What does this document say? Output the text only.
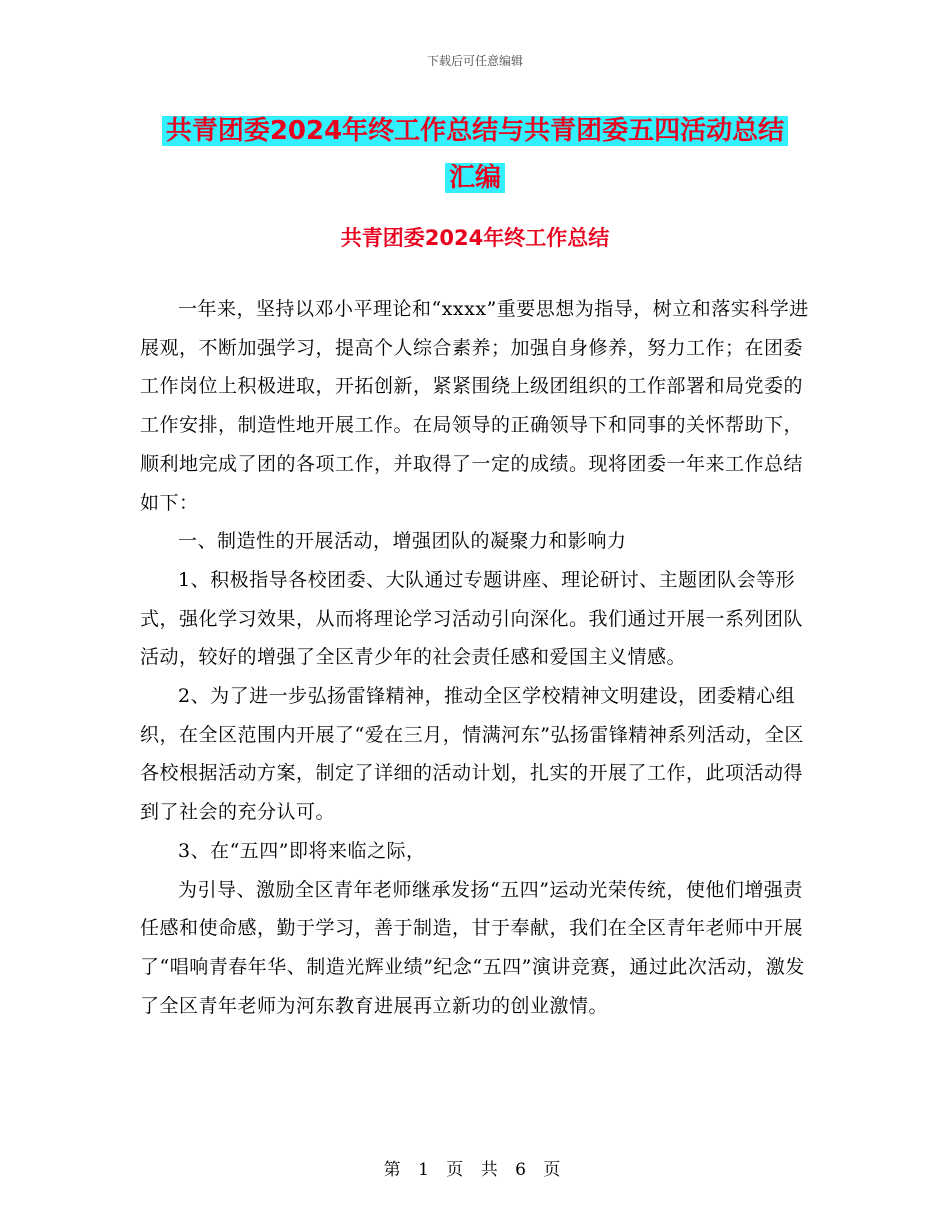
下载后可任意编辑
共青团委2024年终工作总结与共青团委五四活动总结
汇编
共青团委2024年终工作总结

一年来，坚持以邓小平理论和“xxxx”重要思想为指导，树立和落实科学进展观，不断加强学习，提高个人综合素养；加强自身修养，努力工作；在团委工作岗位上积极进取，开拓创新，紧紧围绕上级团组织的工作部署和局党委的工作安排，制造性地开展工作。在局领导的正确领导下和同事的关怀帮助下，顺利地完成了团的各项工作，并取得了一定的成绩。现将团委一年来工作总结如下：

一、制造性的开展活动，增强团队的凝聚力和影响力

1、积极指导各校团委、大队通过专题讲座、理论研讨、主题团队会等形式，强化学习效果，从而将理论学习活动引向深化。我们通过开展一系列团队活动，较好的增强了全区青少年的社会责任感和爱国主义情感。

2、为了进一步弘扬雷锋精神，推动全区学校精神文明建设，团委精心组织，在全区范围内开展了“爱在三月，情满河东”弘扬雷锋精神系列活动，全区各校根据活动方案，制定了详细的活动计划，扎实的开展了工作，此项活动得到了社会的充分认可。

3、在“五四”即将来临之际，

为引导、激励全区青年老师继承发扬“五四”运动光荣传统，使他们增强责任感和使命感，勤于学习，善于制造，甘于奉献，我们在全区青年老师中开展了“唱响青春年华、制造光辉业绩”纪念“五四”演讲竞赛，通过此次活动，激发了全区青年老师为河东教育进展再立新功的创业激情。

第 1 页 共 6 页
